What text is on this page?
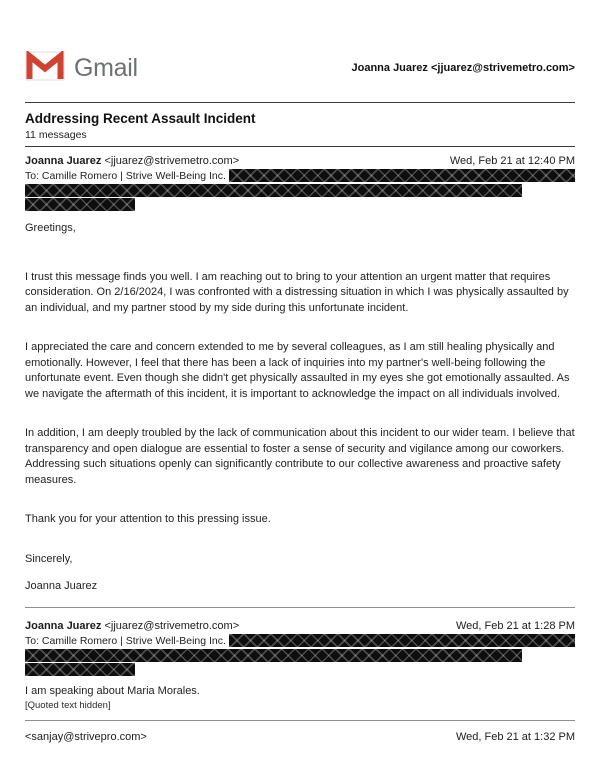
Gmail	Joanna Juarez <jjuarez@strivemetro.com>
Addressing Recent Assault Incident
11 messages
Joanna Juarez <jjuarez@strivemetro.com>	Wed, Feb 21 at 12:40 PM
To: Camille Romero | Strive Well-Being Inc.

Greetings,

I trust this message finds you well. I am reaching out to bring to your attention an urgent matter that requires consideration. On 2/16/2024, I was confronted with a distressing situation in which I was physically assaulted by an individual, and my partner stood by my side during this unfortunate incident.

I appreciated the care and concern extended to me by several colleagues, as I am still healing physically and emotionally. However, I feel that there has been a lack of inquiries into my partner's well-being following the unfortunate event. Even though she didn't get physically assaulted in my eyes she got emotionally assaulted. As we navigate the aftermath of this incident, it is important to acknowledge the impact on all individuals involved.

In addition, I am deeply troubled by the lack of communication about this incident to our wider team. I believe that transparency and open dialogue are essential to foster a sense of security and vigilance among our coworkers. Addressing such situations openly can significantly contribute to our collective awareness and proactive safety measures.

Thank you for your attention to this pressing issue.

Sincerely,

Joanna Juarez

Joanna Juarez <jjuarez@strivemetro.com>	Wed, Feb 21 at 1:28 PM
To: Camille Romero | Strive Well-Being Inc.
I am speaking about Maria Morales.
[Quoted text hidden]
<sanjay@strivepro.com>	Wed, Feb 21 at 1:32 PM
